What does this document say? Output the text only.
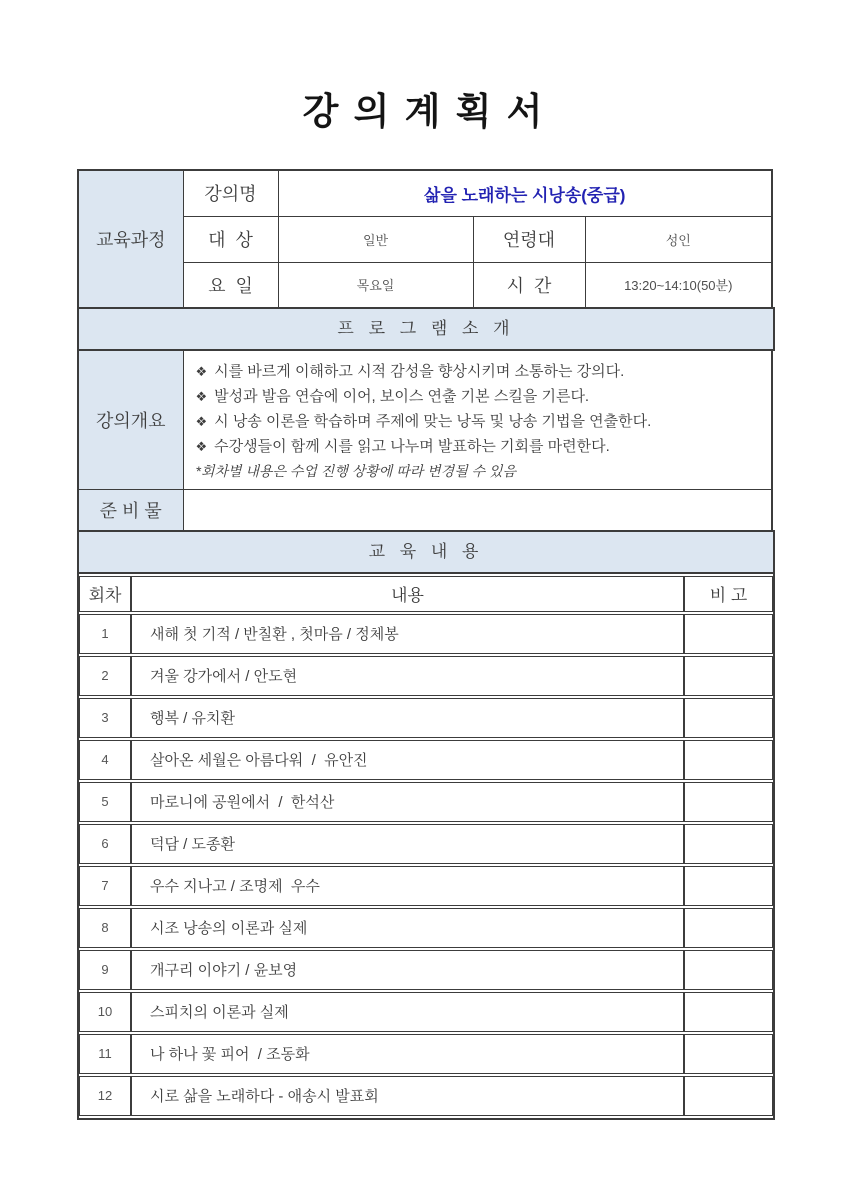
강 의 계 획 서
교육과정	강의명	삶을 노래하는 시낭송(중급)		
	대  상	일반	연령대	성인
	요  일	목요일	시  간	13:20~14:10(50분)
프 로 그 램 소 개
강의개요	❖ 시를 바르게 이해하고 시적 감성을 향상시키며 소통하는 강의다.
❖ 발성과 발음 연습에 이어, 보이스 연출 기본 스킬을 기른다.
❖ 시 낭송 이론을 학습하며 주제에 맞는 낭독 및 낭송 기법을 연출한다.
❖ 수강생들이 함께 시를 읽고 나누며 발표하는 기회를 마련한다.
*회차별 내용은 수업 진행 상황에 따라 변경될 수 있음

준 비 물	
교 육 내 용
회차	내용	비 고
1	새해 첫 기적 / 반칠환 , 첫마음 / 정체봉	
2	겨울 강가에서 / 안도현	
3	행복 / 유치환	
4	살아온 세월은 아름다워  /  유안진	
5	마로니에 공원에서  /  한석산	
6	덕담 / 도종환	
7	우수 지나고 / 조명제  우수	
8	시조 낭송의 이론과 실제	
9	개구리 이야기 / 윤보영	
10	스피치의 이론과 실제	
11	나 하나 꽃 피어  / 조동화	
12	시로 삶을 노래하다 - 애송시 발표회	
